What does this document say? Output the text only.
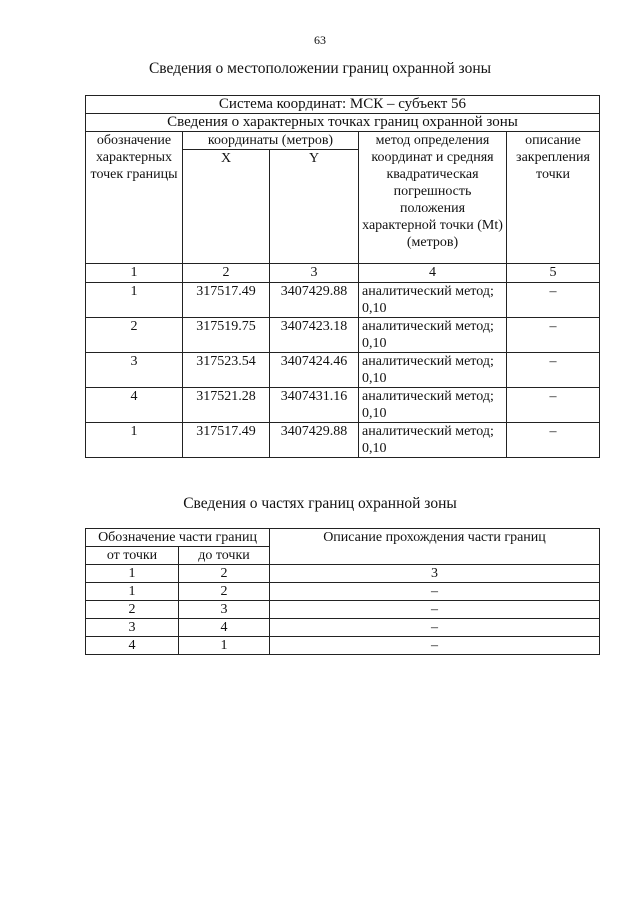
63
Сведения о местоположении границ охранной зоны
Система координат: МСК – субъект 56				
Сведения о характерных точках границ охранной зоны				
обозначение характерных точек границы	координаты (метров)		метод определения координат и средняя квадратическая погрешность положения характерной точки (Mt) (метров)	описание закрепления точки
	X	Y		
1	2	3	4	5
1	317517.49	3407429.88	аналитический метод; 0,10	–
2	317519.75	3407423.18	аналитический метод; 0,10	–
3	317523.54	3407424.46	аналитический метод; 0,10	–
4	317521.28	3407431.16	аналитический метод; 0,10	–
1	317517.49	3407429.88	аналитический метод; 0,10	–
Сведения о частях границ охранной зоны
Обозначение части границ		Описание прохождения части границ
от точки	до точки	
1	2	3
1	2	–
2	3	–
3	4	–
4	1	–
